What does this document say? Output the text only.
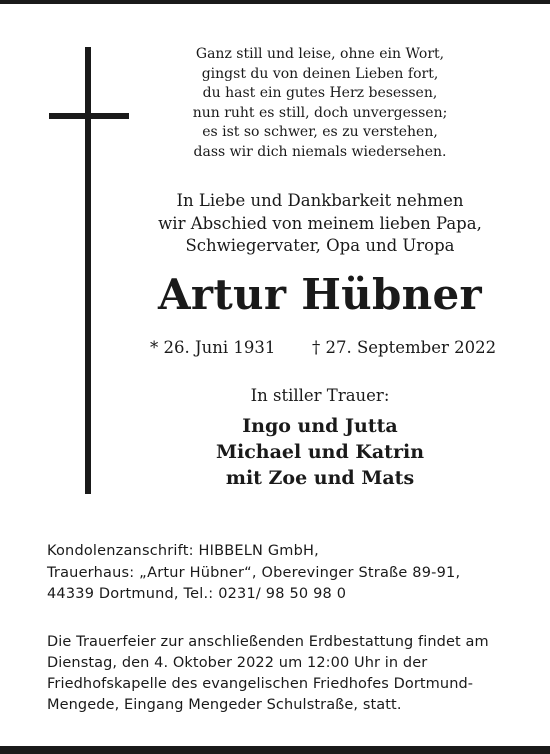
Ganz still und leise, ohne ein Wort,
gingst du von deinen Lieben fort,
du hast ein gutes Herz besessen,
nun ruht es still, doch unvergessen;
es ist so schwer, es zu verstehen,
dass wir dich niemals wiedersehen.
In Liebe und Dankbarkeit nehmen
wir Abschied von meinem lieben Papa,
Schwiegervater, Opa und Uropa
Artur Hübner
* 26. Juni 1931 † 27. September 2022
In stiller Trauer:
Ingo und Jutta
Michael und Katrin
mit Zoe und Mats
Kondolenzanschrift: HIBBELN GmbH,
Trauerhaus: „Artur Hübner“, Oberevinger Straße 89-91,
44339 Dortmund, Tel.: 0231/ 98 50 98 0
Die Trauerfeier zur anschließenden Erdbestattung findet am
Dienstag, den 4. Oktober 2022 um 12:00 Uhr in der
Friedhofskapelle des evangelischen Friedhofes Dortmund-
Mengede, Eingang Mengeder Schulstraße, statt.
